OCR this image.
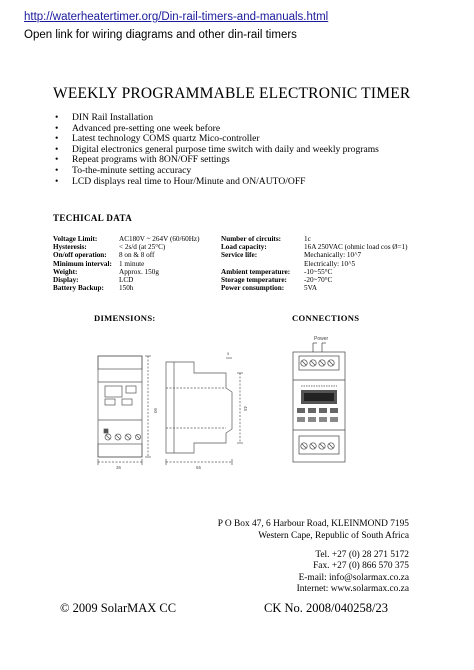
http://waterheatertimer.org/Din-rail-timers-and-manuals.html
Open link for wiring diagrams and other din-rail timers
WEEKLY PROGRAMMABLE ELECTRONIC TIMER
• DIN Rail Installation
• Advanced pre-setting one week before
• Latest technology COMS quartz Mico-controller
• Digital electronics general purpose time switch with daily and weekly programs
• Repeat programs with 8ON/OFF settings
• To-the-minute setting accuracy
• LCD displays real time to Hour/Minute and ON/AUTO/OFF
TECHICAL DATA
Voltage Limit:	AC180V ~ 264V (60/60Hz)
Hysteresis:	< 2s/d (at 25°C)
On/off operation:	8 on & 8 off
Minimum interval:	1 minute
Weight:	Approx. 150g
Display:	LCD
Battery Backup:	150h
Number of circuits:	1c
Load capacity:	16A 250VAC (ohmic load cos Ø=1)
Service life:	Mechanically: 10^7
	Electrically: 10^5
Ambient temperature:	-10~55°C
Storage temperature:	-20~70°C
Power consumption:	5VA
DIMENSIONS:	CONNECTIONS
90	45
36	65
5
Power
P O Box 47, 6 Harbour Road, KLEINMOND 7195
Western Cape, Republic of South Africa
Tel. +27 (0) 28 271 5172
Fax. +27 (0) 866 570 375
E-mail: info@solarmax.co.za
Internet: www.solarmax.co.za
© 2009 SolarMAX CC	CK No. 2008/040258/23
